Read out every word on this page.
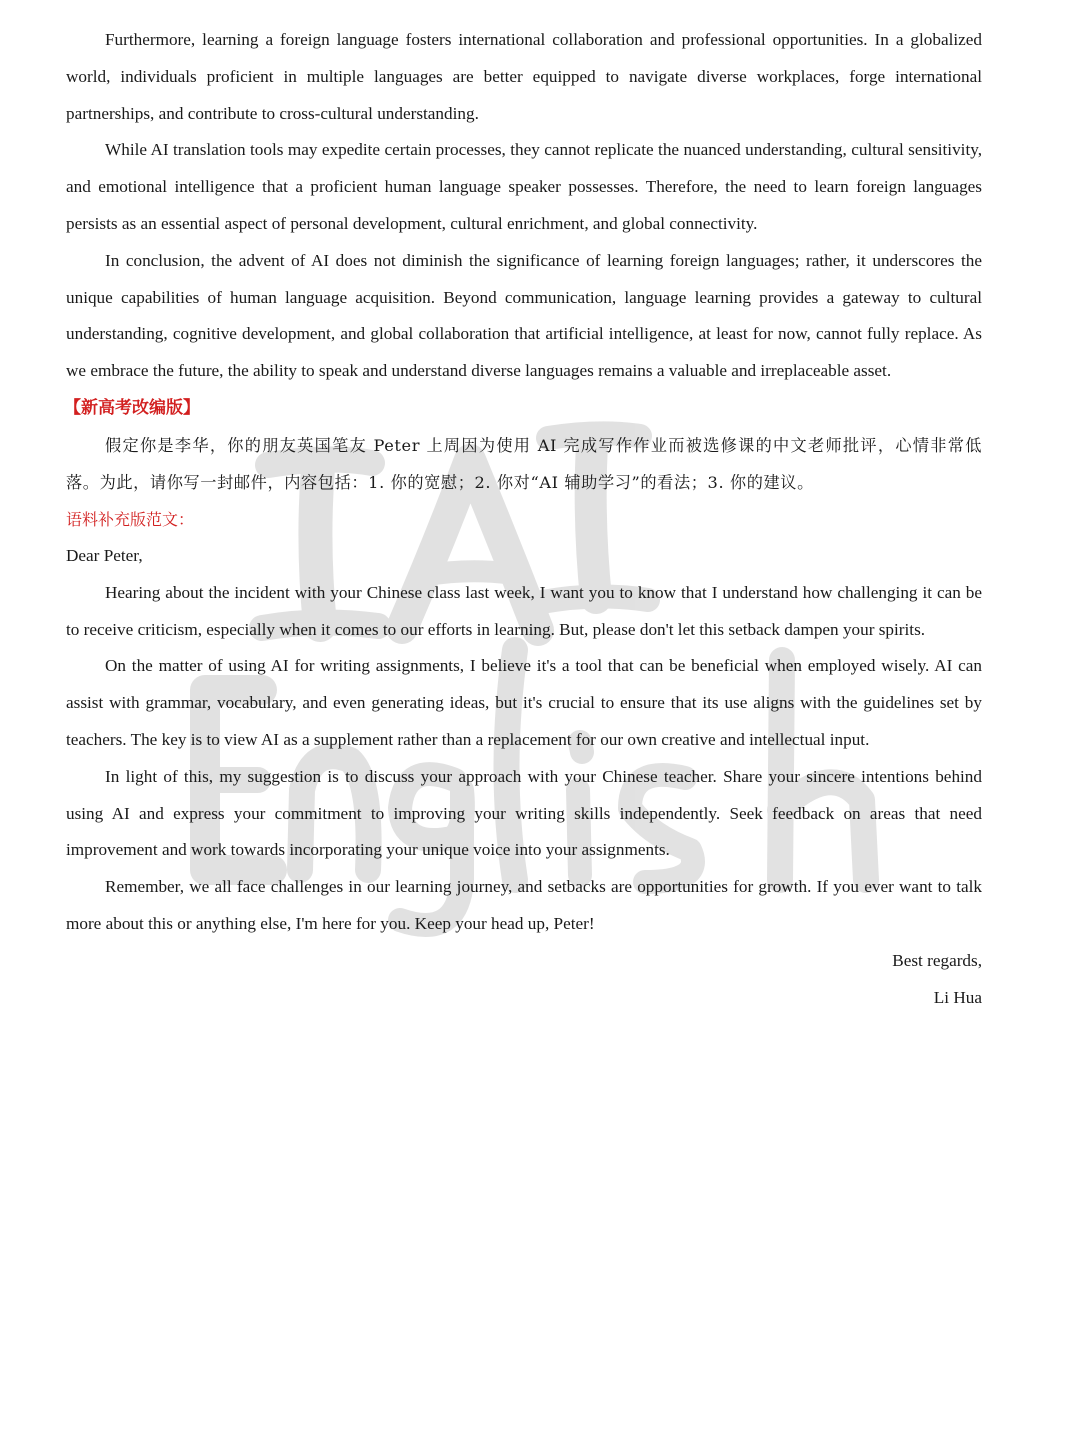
Furthermore, learning a foreign language fosters international collaboration and professional opportunities. In a globalized world, individuals proficient in multiple languages are better equipped to navigate diverse workplaces, forge international partnerships, and contribute to cross-cultural understanding.

While AI translation tools may expedite certain processes, they cannot replicate the nuanced understanding, cultural sensitivity, and emotional intelligence that a proficient human language speaker possesses. Therefore, the need to learn foreign languages persists as an essential aspect of personal development, cultural enrichment, and global connectivity.

In conclusion, the advent of AI does not diminish the significance of learning foreign languages; rather, it underscores the unique capabilities of human language acquisition. Beyond communication, language learning provides a gateway to cultural understanding, cognitive development, and global collaboration that artificial intelligence, at least for now, cannot fully replace. As we embrace the future, the ability to speak and understand diverse languages remains a valuable and irreplaceable asset.

【新高考改编版】

假定你是李华，你的朋友英国笔友 Peter 上周因为使用 AI 完成写作作业而被选修课的中文老师批评，心情非常低落。为此，请你写一封邮件，内容包括：1. 你的宽慰；2. 你对“AI 辅助学习”的看法；3. 你的建议。

语料补充版范文：

Dear Peter,

Hearing about the incident with your Chinese class last week, I want you to know that I understand how challenging it can be to receive criticism, especially when it comes to our efforts in learning. But, please don't let this setback dampen your spirits.

On the matter of using AI for writing assignments, I believe it's a tool that can be beneficial when employed wisely. AI can assist with grammar, vocabulary, and even generating ideas, but it's crucial to ensure that its use aligns with the guidelines set by teachers. The key is to view AI as a supplement rather than a replacement for our own creative and intellectual input.

In light of this, my suggestion is to discuss your approach with your Chinese teacher. Share your sincere intentions behind using AI and express your commitment to improving your writing skills independently. Seek feedback on areas that need improvement and work towards incorporating your unique voice into your assignments.

Remember, we all face challenges in our learning journey, and setbacks are opportunities for growth. If you ever want to talk more about this or anything else, I'm here for you. Keep your head up, Peter!

Best regards,

Li Hua
